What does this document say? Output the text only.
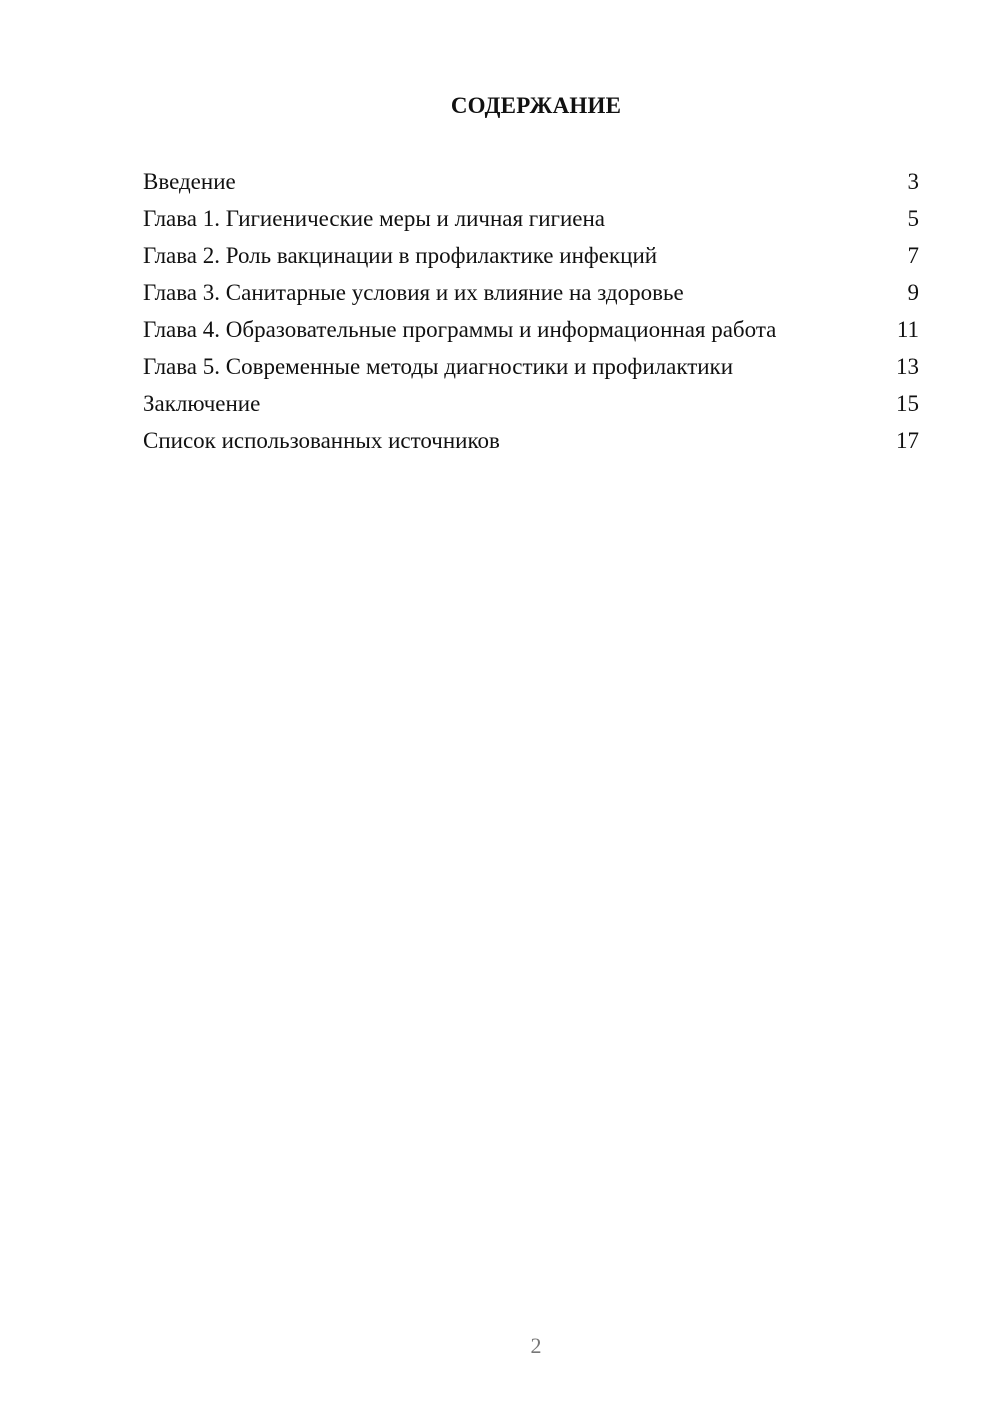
СОДЕРЖАНИЕ
Введение	3
Глава 1. Гигиенические меры и личная гигиена	5
Глава 2. Роль вакцинации в профилактике инфекций	7
Глава 3. Санитарные условия и их влияние на здоровье	9
Глава 4. Образовательные программы и информационная работа	11
Глава 5. Современные методы диагностики и профилактики	13
Заключение	15
Список использованных источников	17
2
